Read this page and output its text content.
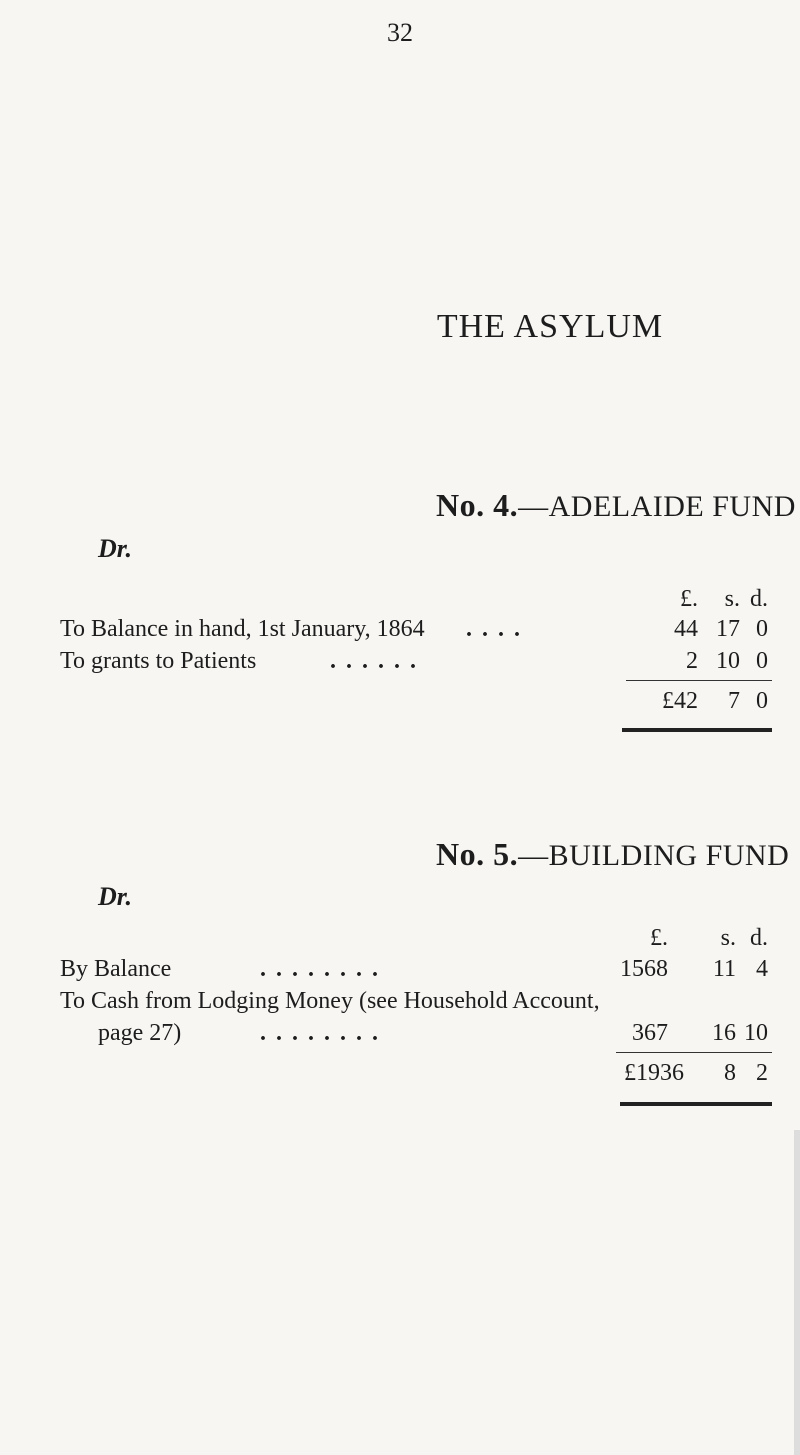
32
THE ASYLUM
No. 4.—ADELAIDE FUND
Dr.
£.	s. d.
To Balance in hand, 1st January, 1864 . . . .	44 17 0
To grants to Patients	. . . . . .	2 10 0
£42	7 0
No. 5.—BUILDING FUND
Dr.
£.	s. d.
By Balance	. . . . . . . .	1568	11 4
To Cash from Lodging Money (see Household Account,
page 27)	. . . . . . . .	367	16 10
£1936	8 2
